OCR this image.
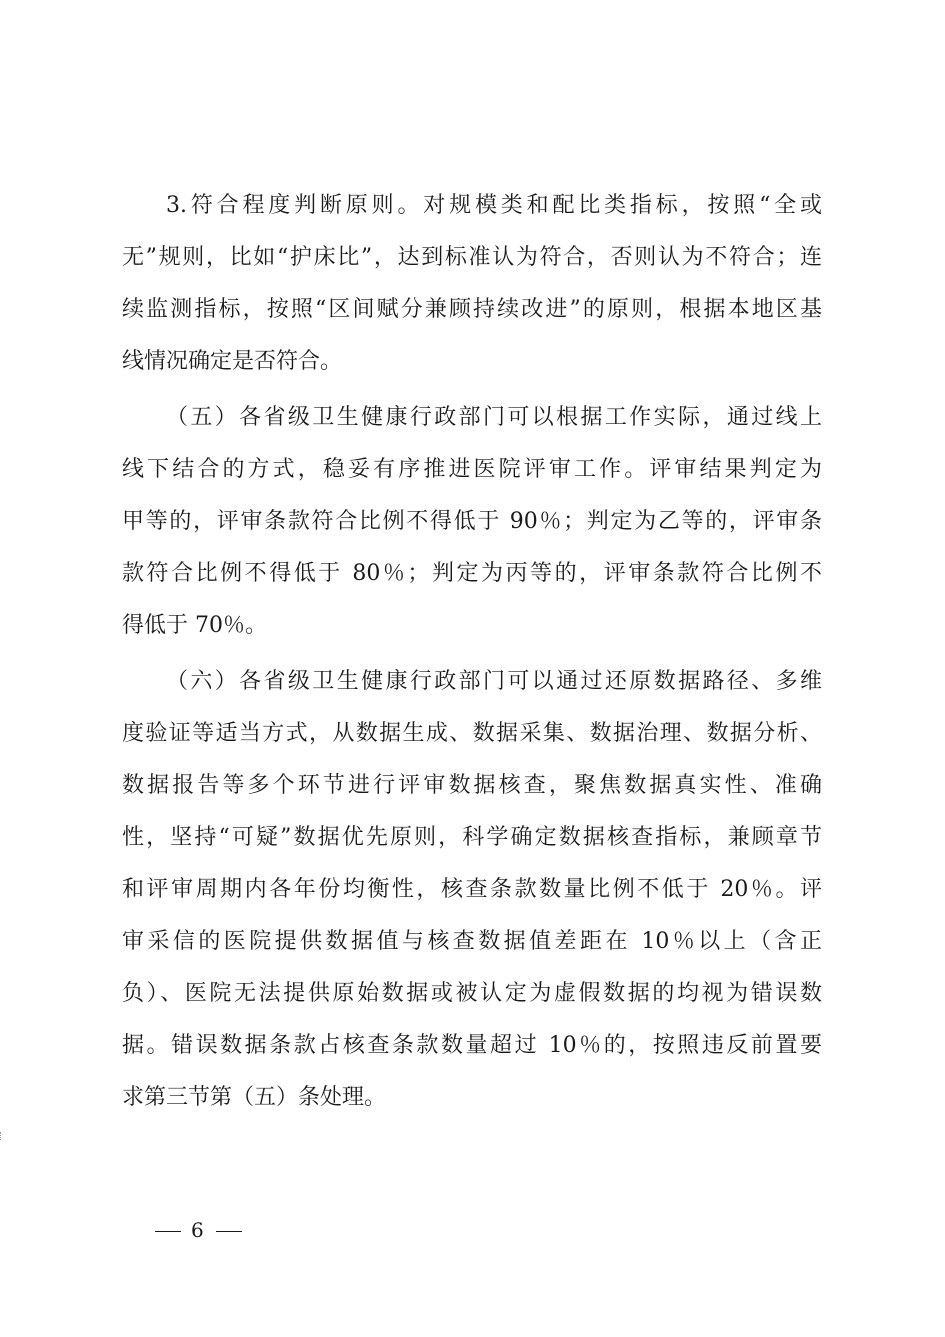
3.符合程度判断原则。对规模类和配比类指标，按照“全或
无”规则，比如“护床比”，达到标准认为符合，否则认为不符合；连
续监测指标，按照“区间赋分兼顾持续改进”的原则，根据本地区基
线情况确定是否符合。
（五）各省级卫生健康行政部门可以根据工作实际，通过线上
线下结合的方式，稳妥有序推进医院评审工作。评审结果判定为
甲等的，评审条款符合比例不得低于 90％；判定为乙等的，评审条
款符合比例不得低于 80％；判定为丙等的，评审条款符合比例不
得低于 70％。
（六）各省级卫生健康行政部门可以通过还原数据路径、多维
度验证等适当方式，从数据生成、数据采集、数据治理、数据分析、
数据报告等多个环节进行评审数据核查，聚焦数据真实性、准确
性，坚持“可疑”数据优先原则，科学确定数据核查指标，兼顾章节
和评审周期内各年份均衡性，核查条款数量比例不低于 20％。评
审采信的医院提供数据值与核查数据值差距在 10％以上（含正
负）、医院无法提供原始数据或被认定为虚假数据的均视为错误数
据。错误数据条款占核查条款数量超过 10％的，按照违反前置要
求第三节第（五）条处理。
6
